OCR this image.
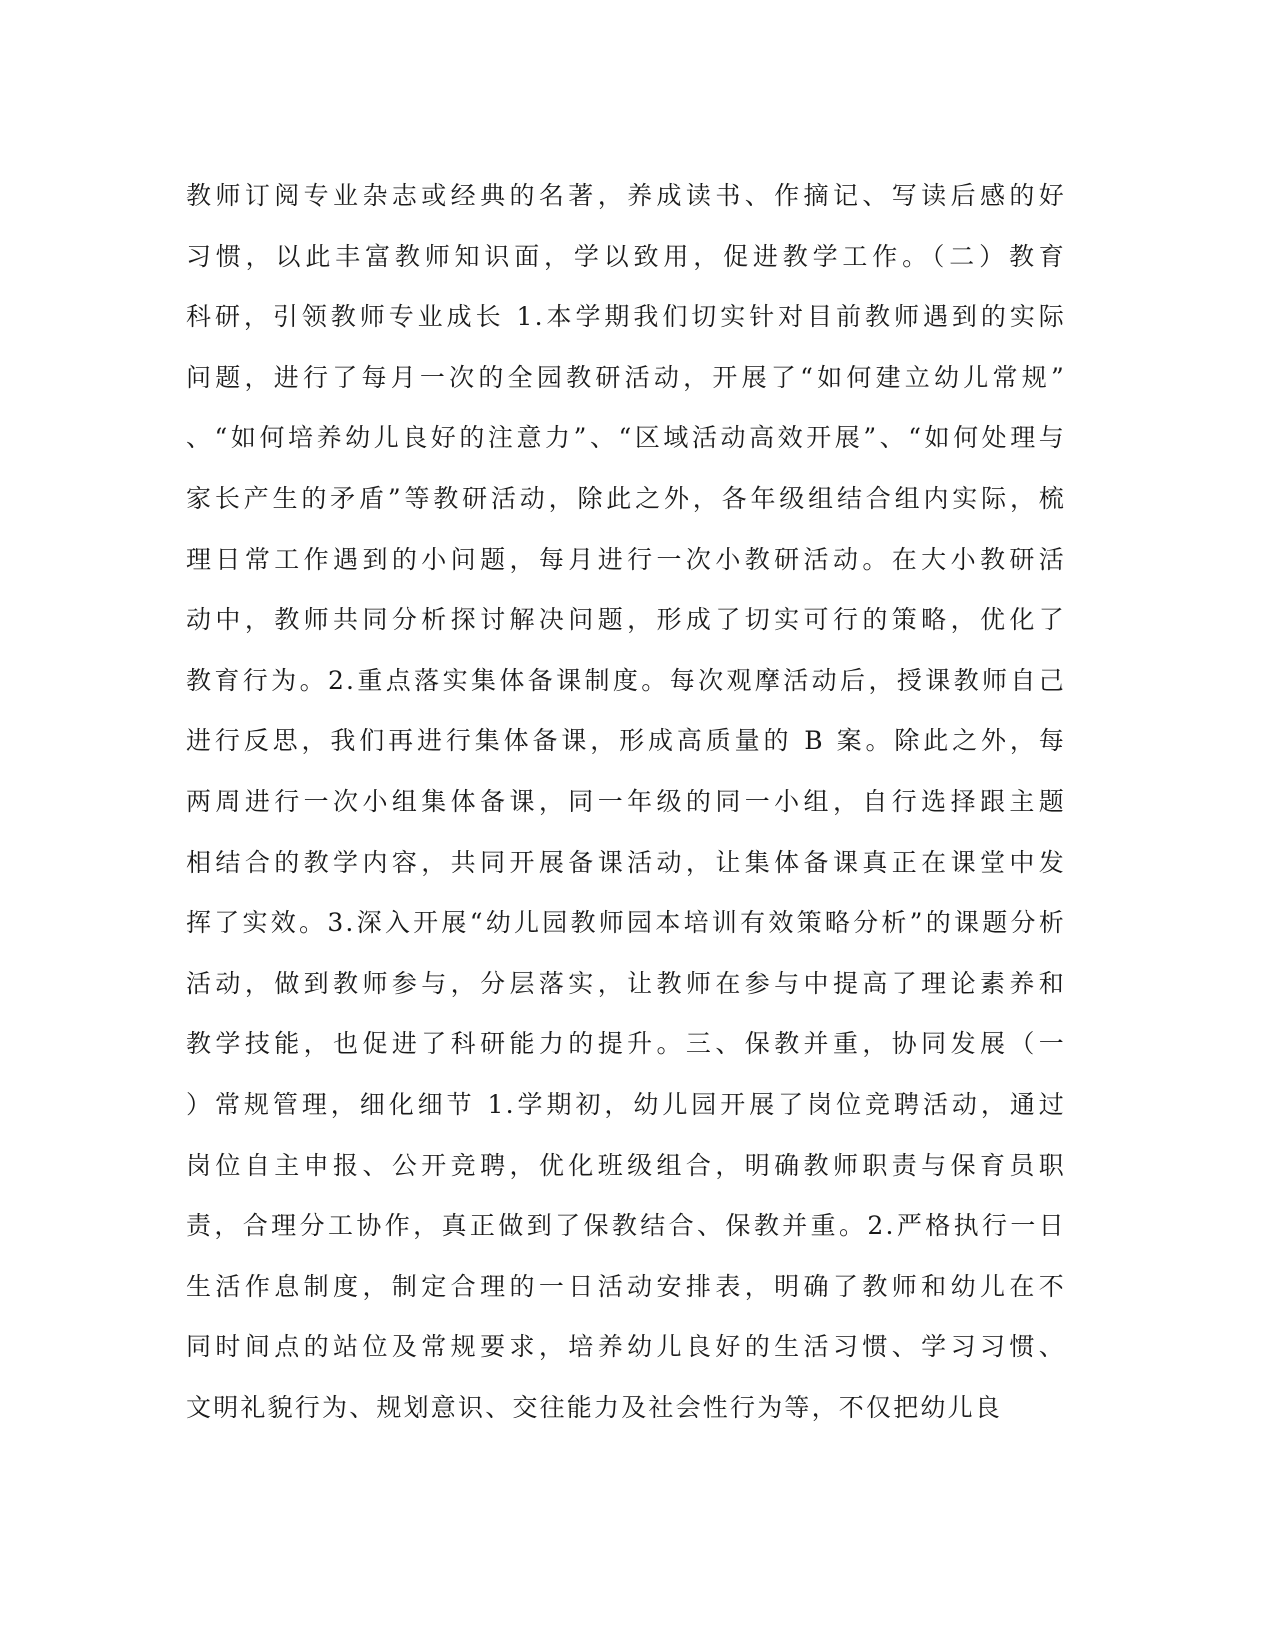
教师订阅专业杂志或经典的名著，养成读书、作摘记、写读后感的好
习惯，以此丰富教师知识面，学以致用，促进教学工作。（二）教育
科研，引领教师专业成长 1.本学期我们切实针对目前教师遇到的实际
问题，进行了每月一次的全园教研活动，开展了“如何建立幼儿常规”
、“如何培养幼儿良好的注意力”、“区域活动高效开展”、“如何处理与
家长产生的矛盾”等教研活动，除此之外，各年级组结合组内实际，梳
理日常工作遇到的小问题，每月进行一次小教研活动。在大小教研活
动中，教师共同分析探讨解决问题，形成了切实可行的策略，优化了
教育行为。2.重点落实集体备课制度。每次观摩活动后，授课教师自己
进行反思，我们再进行集体备课，形成高质量的 B 案。除此之外，每
两周进行一次小组集体备课，同一年级的同一小组，自行选择跟主题
相结合的教学内容，共同开展备课活动，让集体备课真正在课堂中发
挥了实效。3.深入开展“幼儿园教师园本培训有效策略分析”的课题分析
活动，做到教师参与，分层落实，让教师在参与中提高了理论素养和
教学技能，也促进了科研能力的提升。三、保教并重，协同发展（一
）常规管理，细化细节 1.学期初，幼儿园开展了岗位竞聘活动，通过
岗位自主申报、公开竞聘，优化班级组合，明确教师职责与保育员职
责，合理分工协作，真正做到了保教结合、保教并重。2.严格执行一日
生活作息制度，制定合理的一日活动安排表，明确了教师和幼儿在不
同时间点的站位及常规要求，培养幼儿良好的生活习惯、学习习惯、
文明礼貌行为、规划意识、交往能力及社会性行为等，不仅把幼儿良
